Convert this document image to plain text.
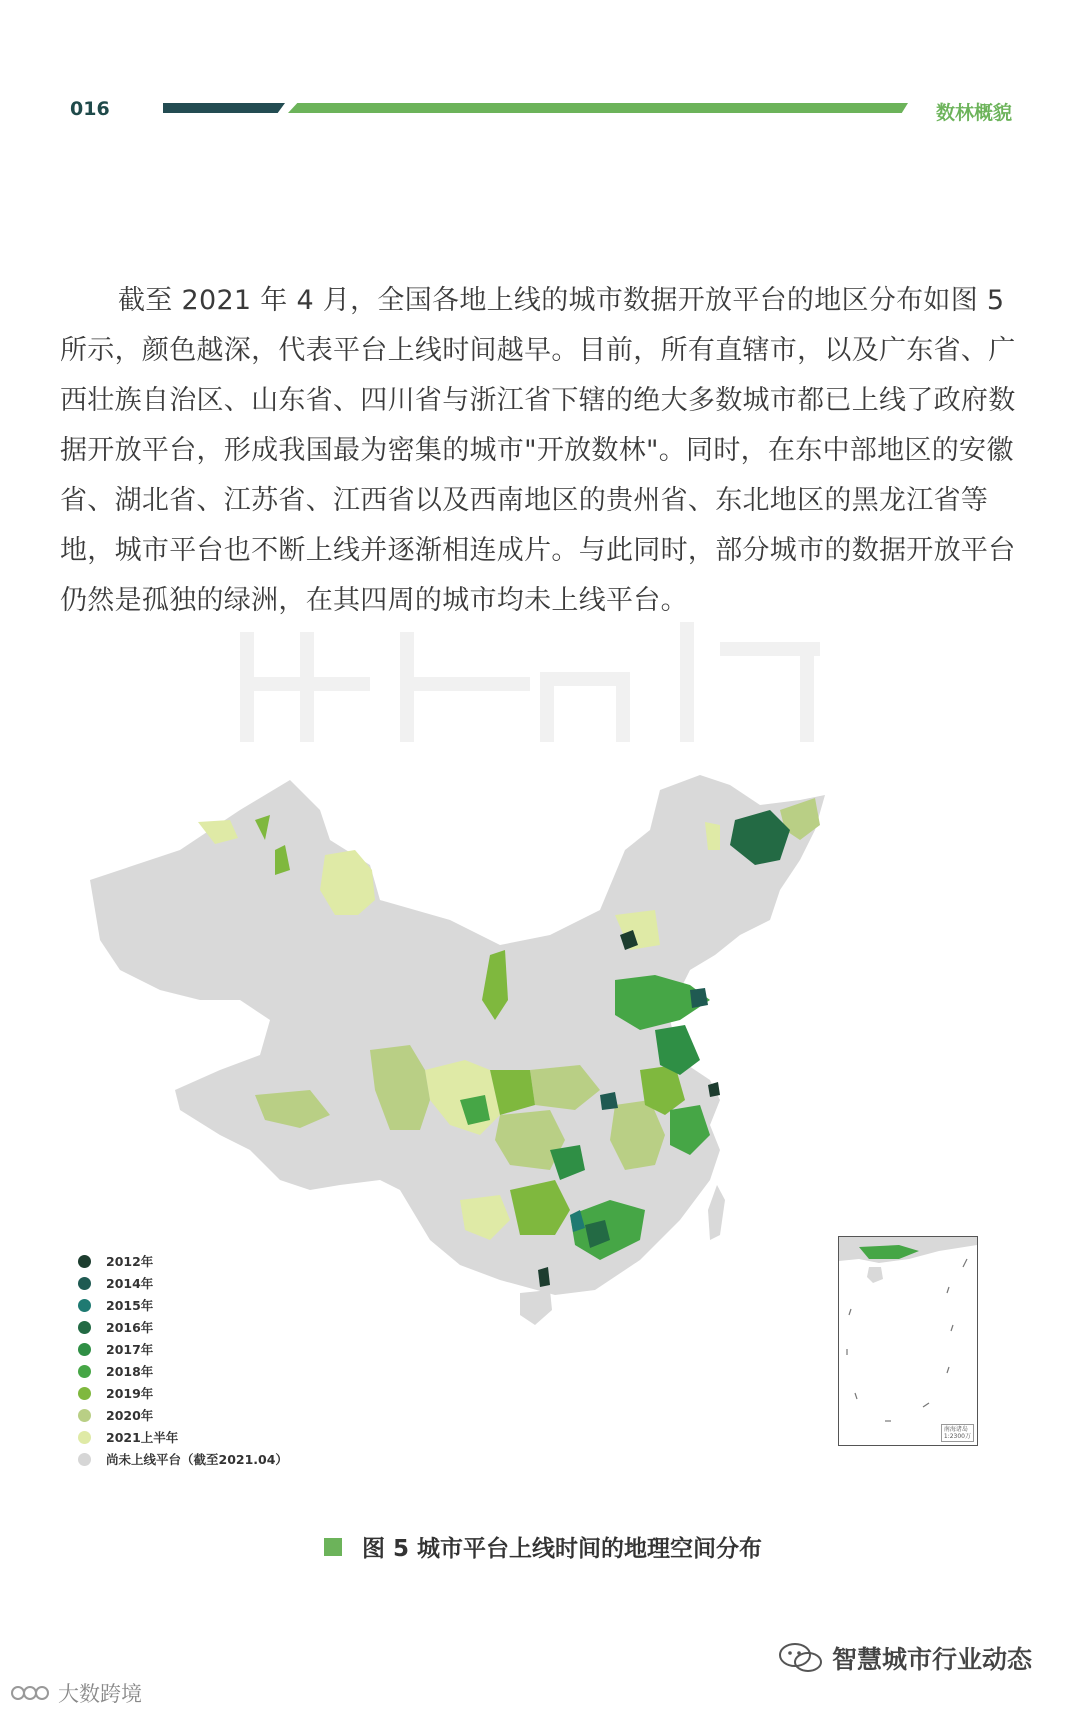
016	数林概貌

截至 2021 年 4 月，全国各地上线的城市数据开放平台的地区分布如图 5 所示，颜色越深，代表平台上线时间越早。目前，所有直辖市，以及广东省、广西壮族自治区、山东省、四川省与浙江省下辖的绝大多数城市都已上线了政府数据开放平台，形成我国最为密集的城市"开放数林"。同时，在东中部地区的安徽省、湖北省、江苏省、江西省以及西南地区的贵州省、东北地区的黑龙江省等地，城市平台也不断上线并逐渐相连成片。与此同时，部分城市的数据开放平台仍然是孤独的绿洲，在其四周的城市均未上线平台。

2012年
2014年
2015年
2016年
2017年
2018年
2019年
2020年
2021上半年
尚未上线平台（截至2021.04）
南海诸岛
1:2300万
图 5 城市平台上线时间的地理空间分布
智慧城市行业动态
大数跨境
